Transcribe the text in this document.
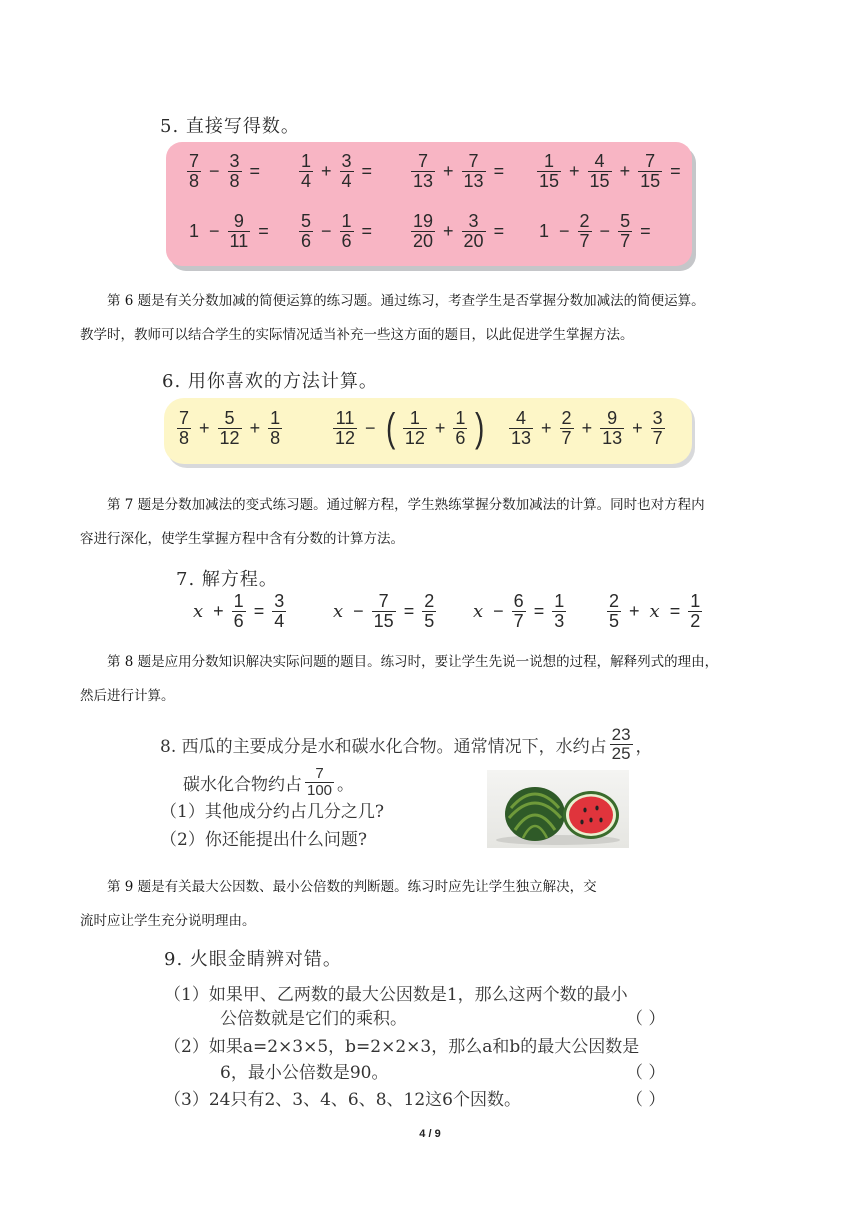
5. 直接写得数。
$\frac{7}{8} - \frac{3}{8} = \frac{1}{4} + \frac{3}{4} = \frac{7}{13} + \frac{7}{13} = \frac{1}{15} + \frac{4}{15} + \frac{7}{15}$ =
$1 - \frac{9}{11} = \frac{5}{6} - \frac{1}{6} = \frac{19}{20} + \frac{3}{20} = 1 - \frac{2}{7} - \frac{5}{7}$ =
第 6 题是有关分数加减的简便运算的练习题。通过练习，考查学生是否掌握分数加减法的简便运算。
教学时，教师可以结合学生的实际情况适当补充一些这方面的题目，以此促进学生掌握方法。
6. 用你喜欢的方法计算。
$\frac{7}{8} + \frac{5}{12} + \frac{1}{8}$	$\frac{11}{12}$ − ( $\frac{1}{12} + \frac{1}{6}$ ) $\frac{4}{13} + \frac{2}{7} + \frac{9}{13} + \frac{3}{7}$
第 7 题是分数加减法的变式练习题。通过解方程，学生熟练掌握分数加减法的计算。同时也对方程内
容进行深化，使学生掌握方程中含有分数的计算方法。
7. 解方程。
$x + \frac{1}{6} = \frac{3}{4}$	$x - \frac{7}{15} = \frac{2}{5}$ $x - \frac{6}{7} = \frac{1}{3} \frac{2}{5} + x = \frac{1}{2}$
第 8 题是应用分数知识解决实际问题的题目。练习时，要让学生先说一说想的过程，解释列式的理由，
然后进行计算。
8. 西瓜的主要成分是水和碳水化合物。通常情况下，水约占 $\frac{23}{25}$ ，
碳水化合物约占 $\frac{7}{100}$ 。
（1）其他成分约占几分之几?
（2）你还能提出什么问题?
第 9 题是有关最大公因数、最小公倍数的判断题。练习时应先让学生独立解决，交
流时应让学生充分说明理由。
9. 火眼金睛辨对错。
（1）如果甲、乙两数的最大公因数是1，那么这两个数的最小
公倍数就是它们的乘积。	（ ）
（2）如果a=2×3×5，b=2×2×3，那么a和b的最大公因数是
6，最小公倍数是90。	（ ）
（3）24只有2、3、4、6、8、12这6个因数。	（ ）
4 / 9
